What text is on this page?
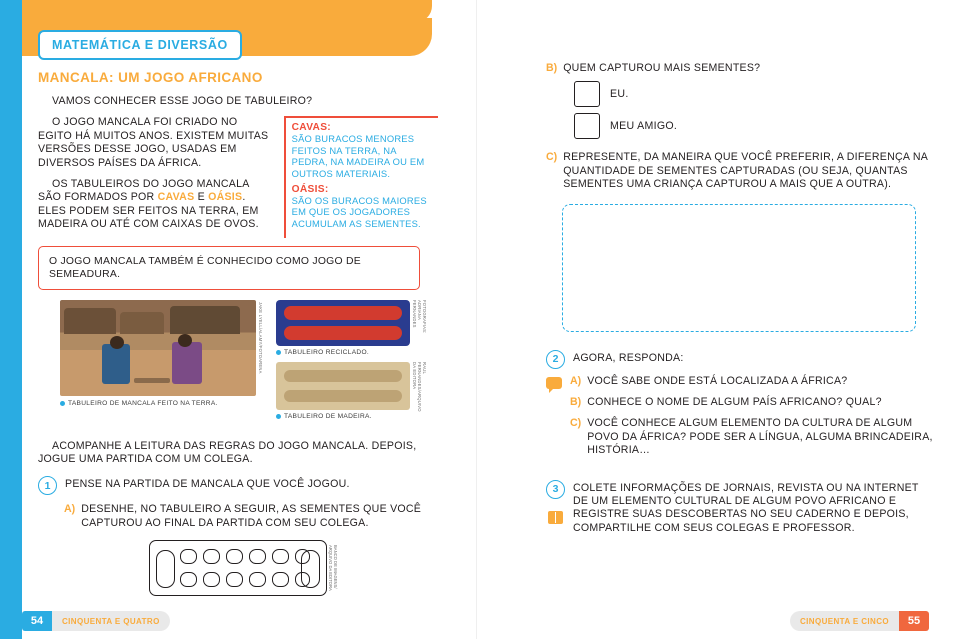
MATEMÁTICA E DIVERSÃO
MANCALA: UM JOGO AFRICANO

VAMOS CONHECER ESSE JOGO DE TABULEIRO?

O JOGO MANCALA FOI CRIADO NO EGITO HÁ MUITOS ANOS. EXISTEM MUITAS VERSÕES DESSE JOGO, USADAS EM DIVERSOS PAÍSES DA ÁFRICA.

OS TABULEIROS DO JOGO MANCALA SÃO FORMADOS POR CAVAS E OÁSIS. ELES PODEM SER FEITOS NA TERRA, EM MADEIRA OU ATÉ COM CAIXAS DE OVOS.

CAVAS:
SÃO BURACOS MENORES FEITOS NA TERRA, NA PEDRA, NA MADEIRA OU EM OUTROS MATERIAIS.
OÁSIS:
SÃO OS BURACOS MAIORES EM QUE OS JOGADORES ACUMULAM AS SEMENTES.
O JOGO MANCALA TAMBÉM É CONHECIDO COMO JOGO DE SEMEADURA.
JAKE LYELL/ALAMY/FOTOARENA
TABULEIRO DE MANCALA FEITO NA TERRA.
FOTOGRAFIAS: ADRIANA FERNANDES
TABULEIRO RECICLADO.
RAUL FERNANDES/ARQUIVO DA EDITORA
TABULEIRO DE MADEIRA.

ACOMPANHE A LEITURA DAS REGRAS DO JOGO MANCALA. DEPOIS, JOGUE UMA PARTIDA COM UM COLEGA.

1	PENSE NA PARTIDA DE MANCALA QUE VOCÊ JOGOU.
A) DESENHE, NO TABULEIRO A SEGUIR, AS SEMENTES QUE VOCÊ CAPTUROU AO FINAL DA PARTIDA COM SEU COLEGA.
BANCO DE IMAGENS/ ARQUIVO DA EDITORA
B) QUEM CAPTUROU MAIS SEMENTES?
EU.
MEU AMIGO.
C) REPRESENTE, DA MANEIRA QUE VOCÊ PREFERIR, A DIFERENÇA NA QUANTIDADE DE SEMENTES CAPTURADAS (OU SEJA, QUANTAS SEMENTES UMA CRIANÇA CAPTUROU A MAIS QUE A OUTRA).
2	AGORA, RESPONDA:
A) VOCÊ SABE ONDE ESTÁ LOCALIZADA A ÁFRICA?
B) CONHECE O NOME DE ALGUM PAÍS AFRICANO? QUAL?
C) VOCÊ CONHECE ALGUM ELEMENTO DA CULTURA DE ALGUM POVO DA ÁFRICA? PODE SER A LÍNGUA, ALGUMA BRINCADEIRA, HISTÓRIA…
3	COLETE INFORMAÇÕES DE JORNAIS, REVISTA OU NA INTERNET DE UM ELEMENTO CULTURAL DE ALGUM POVO AFRICANO E REGISTRE SUAS DESCOBERTAS NO SEU CADERNO E DEPOIS, COMPARTILHE COM SEUS COLEGAS E PROFESSOR.
54	CINQUENTA E QUATRO	CINQUENTA E CINCO	55
